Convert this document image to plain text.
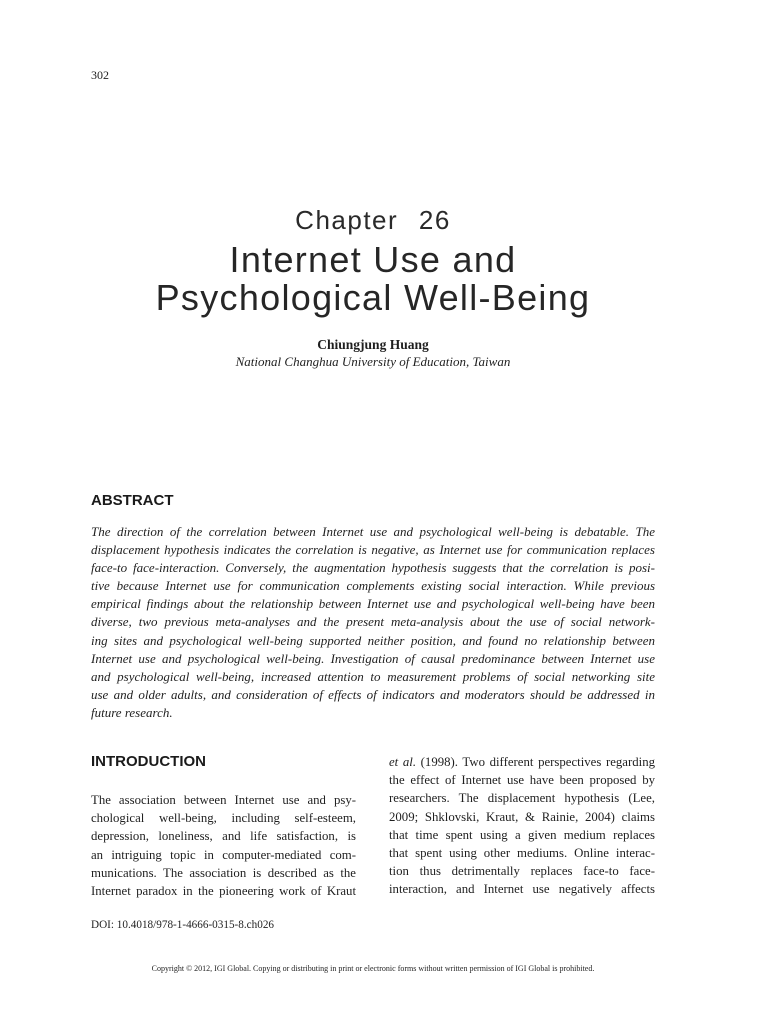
302
Chapter 26
Internet Use and
Psychological Well-Being
Chiungjung Huang
National Changhua University of Education, Taiwan
ABSTRACT
The direction of the correlation between Internet use and psychological well-being is debatable. The
displacement hypothesis indicates the correlation is negative, as Internet use for communication replaces
face-to face-interaction. Conversely, the augmentation hypothesis suggests that the correlation is posi-
tive because Internet use for communication complements existing social interaction. While previous
empirical findings about the relationship between Internet use and psychological well-being have been
diverse, two previous meta-analyses and the present meta-analysis about the use of social network-
ing sites and psychological well-being supported neither position, and found no relationship between
Internet use and psychological well-being. Investigation of causal predominance between Internet use
and psychological well-being, increased attention to measurement problems of social networking site
use and older adults, and consideration of effects of indicators and moderators should be addressed in
future research.
INTRODUCTION
The association between Internet use and psy-
chological well-being, including self-esteem,
depression, loneliness, and life satisfaction, is
an intriguing topic in computer-mediated com-
munications. The association is described as the
Internet paradox in the pioneering work of Kraut
et al. (1998). Two different perspectives regarding
the effect of Internet use have been proposed by
researchers. The displacement hypothesis (Lee,
2009; Shklovski, Kraut, & Rainie, 2004) claims
that time spent using a given medium replaces
that spent using other mediums. Online interac-
tion thus detrimentally replaces face-to face-
interaction, and Internet use negatively affects
DOI: 10.4018/978-1-4666-0315-8.ch026
Copyright © 2012, IGI Global. Copying or distributing in print or electronic forms without written permission of IGI Global is prohibited.
